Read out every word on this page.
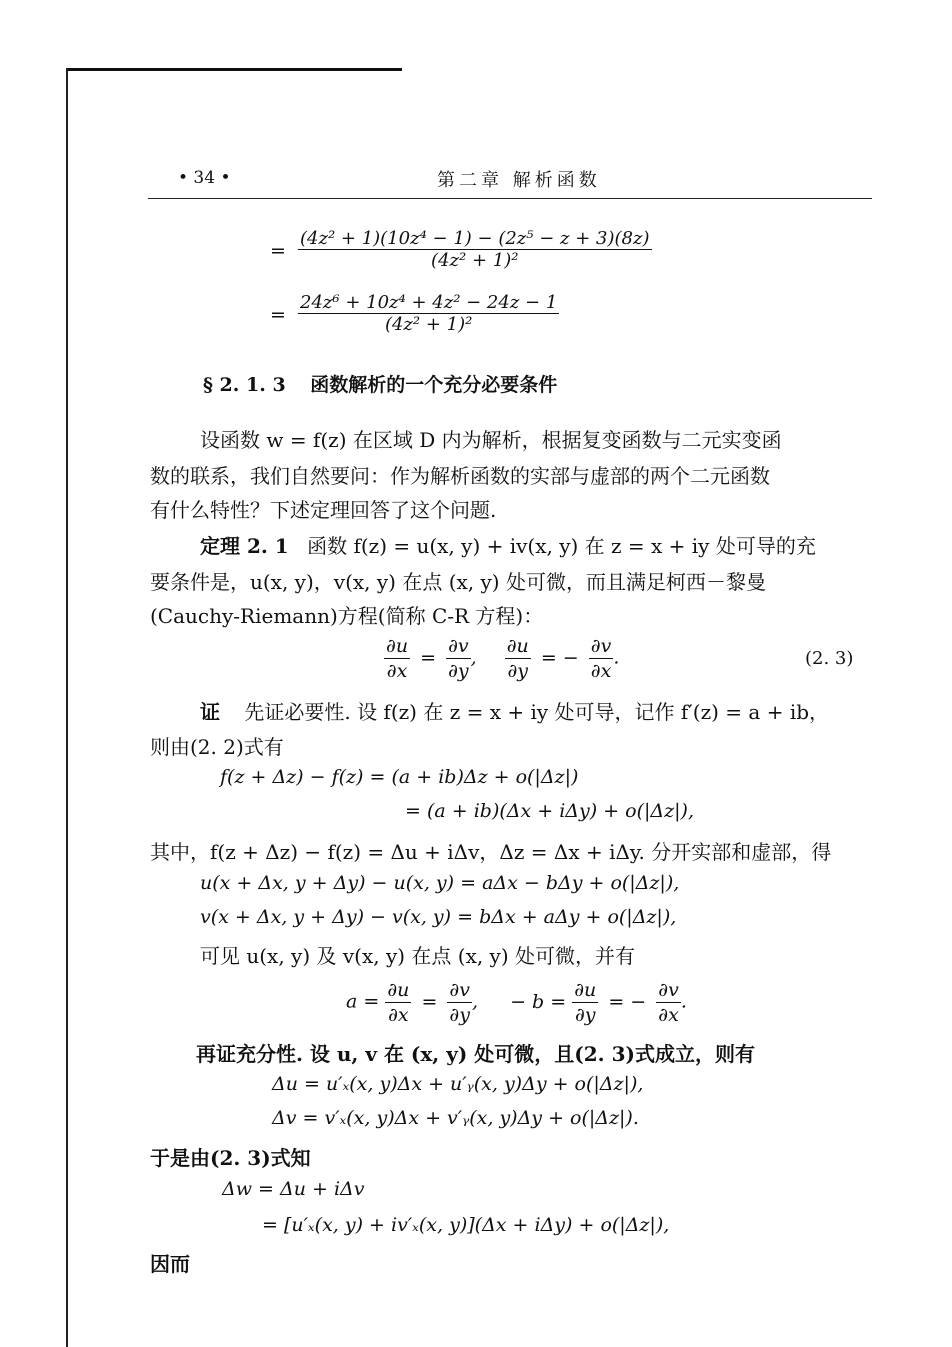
• 34 •	第二章 解析函数
= $\frac{\text{(4z² + 1)(10z⁴ − 1) − (2z⁵ − z + 3)(8z)}}{\text{(4z² + 1)²}}$
= $\frac{\text{24z⁶ + 10z⁴ + 4z² − 24z − 1}}{\text{(4z² + 1)²}}$
§ 2. 1. 3 函数解析的一个充分必要条件
设函数 w = f(z) 在区域 D 内为解析，根据复变函数与二元实变函
数的联系，我们自然要问：作为解析函数的实部与虚部的两个二元函数
有什么特性？下述定理回答了这个问题.
定理 2. 1 函数 f(z) = u(x, y) + iv(x, y) 在 z = x + iy 处可导的充
要条件是，u(x, y)，v(x, y) 在点 (x, y) 处可微，而且满足柯西－黎曼
(Cauchy-Riemann)方程(简称 C-R 方程)：
$\frac{\partial u}{\partial x} = \frac{\partial v}{\partial y}$ , $\frac{\partial u}{\partial y}$ = − $\frac{\partial v}{\partial x}$ .	(2. 3)
证 先证必要性. 设 f(z) 在 z = x + iy 处可导，记作 f′(z) = a + ib，
则由(2. 2)式有
f(z + Δz) − f(z) = (a + ib)Δz + o(|Δz|)
= (a + ib)(Δx + iΔy) + o(|Δz|),
其中，f(z + Δz) − f(z) = Δu + iΔv，Δz = Δx + iΔy. 分开实部和虚部，得
u(x + Δx, y + Δy) − u(x, y) = aΔx − bΔy + o(|Δz|),
v(x + Δx, y + Δy) − v(x, y) = bΔx + aΔy + o(|Δz|),
可见 u(x, y) 及 v(x, y) 在点 (x, y) 处可微，并有
$a = \frac{\partial u}{\partial x} = \frac{\partial v}{\partial y}$ , − $b = \frac{\partial u}{\partial y}$ = − $\frac{\partial v}{\partial x}$ .
再证充分性. 设 u, v 在 (x, y) 处可微，且(2. 3)式成立，则有
Δu = u′ₓ(x, y)Δx + u′ᵧ(x, y)Δy + o(|Δz|),
Δv = v′ₓ(x, y)Δx + v′ᵧ(x, y)Δy + o(|Δz|).
于是由(2. 3)式知
Δw = Δu + iΔv
= [u′ₓ(x, y) + iv′ₓ(x, y)](Δx + iΔy) + o(|Δz|),
因而
